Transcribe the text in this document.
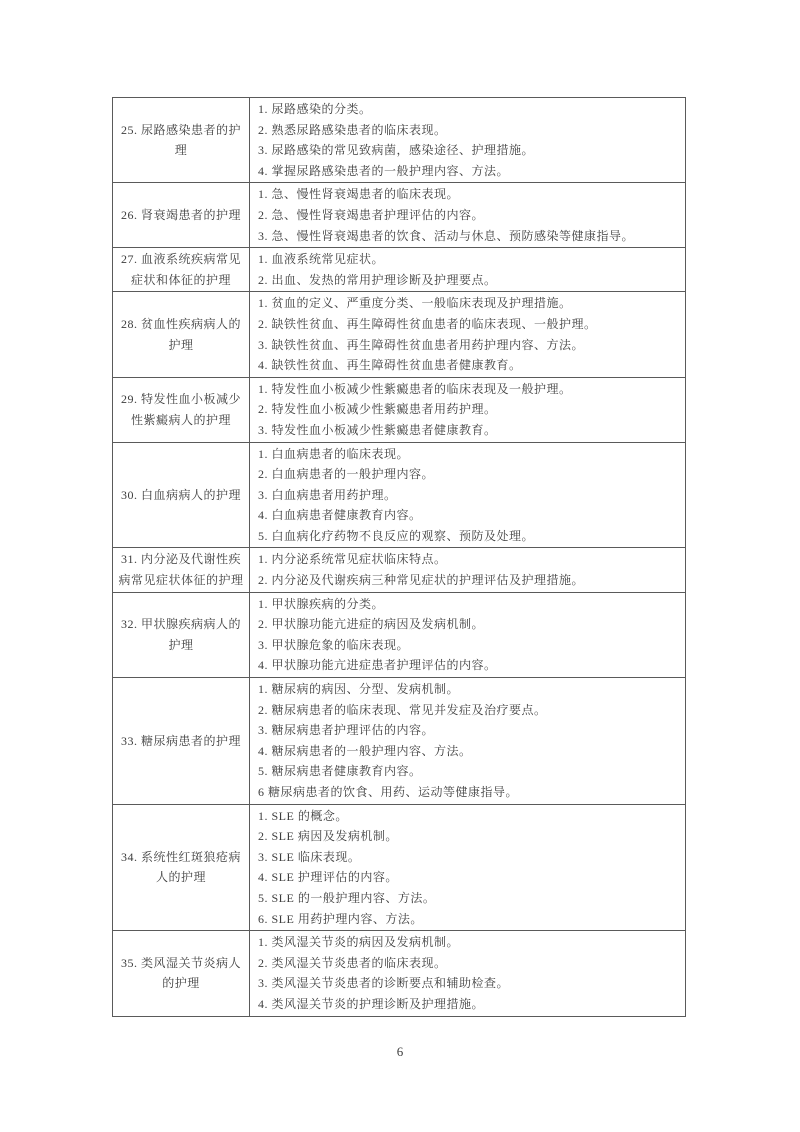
25. 尿路感染患者的护理	1. 尿路感染的分类。
2. 熟悉尿路感染患者的临床表现。
3. 尿路感染的常见致病菌，感染途径、护理措施。
4. 掌握尿路感染患者的一般护理内容、方法。

26. 肾衰竭患者的护理	1. 急、慢性肾衰竭患者的临床表现。
2. 急、慢性肾衰竭患者护理评估的内容。
3. 急、慢性肾衰竭患者的饮食、活动与休息、预防感染等健康指导。

27. 血液系统疾病常见症状和体征的护理	1. 血液系统常见症状。
2. 出血、发热的常用护理诊断及护理要点。

28. 贫血性疾病病人的护理	1. 贫血的定义、严重度分类、一般临床表现及护理措施。
2. 缺铁性贫血、再生障碍性贫血患者的临床表现、一般护理。
3. 缺铁性贫血、再生障碍性贫血患者用药护理内容、方法。
4. 缺铁性贫血、再生障碍性贫血患者健康教育。

29. 特发性血小板减少性紫癜病人的护理	1. 特发性血小板减少性紫癜患者的临床表现及一般护理。
2. 特发性血小板减少性紫癜患者用药护理。
3. 特发性血小板减少性紫癜患者健康教育。

30. 白血病病人的护理	1. 白血病患者的临床表现。
2. 白血病患者的一般护理内容。
3. 白血病患者用药护理。
4. 白血病患者健康教育内容。
5. 白血病化疗药物不良反应的观察、预防及处理。

31. 内分泌及代谢性疾病常见症状体征的护理	1. 内分泌系统常见症状临床特点。
2. 内分泌及代谢疾病三种常见症状的护理评估及护理措施。

32. 甲状腺疾病病人的护理	1. 甲状腺疾病的分类。
2. 甲状腺功能亢进症的病因及发病机制。
3. 甲状腺危象的临床表现。
4. 甲状腺功能亢进症患者护理评估的内容。

33. 糖尿病患者的护理	
1. 糖尿病的病因、分型、发病机制。
2. 糖尿病患者的临床表现、常见并发症及治疗要点。
3. 糖尿病患者护理评估的内容。
4. 糖尿病患者的一般护理内容、方法。
5. 糖尿病患者健康教育内容。
6 糖尿病患者的饮食、用药、运动等健康指导。

34. 系统性红斑狼疮病人的护理	
1. SLE 的概念。
2. SLE 病因及发病机制。
3. SLE 临床表现。
4. SLE 护理评估的内容。
5. SLE 的一般护理内容、方法。
6. SLE 用药护理内容、方法。

35. 类风湿关节炎病人的护理	1. 类风湿关节炎的病因及发病机制。
2. 类风湿关节炎患者的临床表现。
3. 类风湿关节炎患者的诊断要点和辅助检查。
4. 类风湿关节炎的护理诊断及护理措施。
6
